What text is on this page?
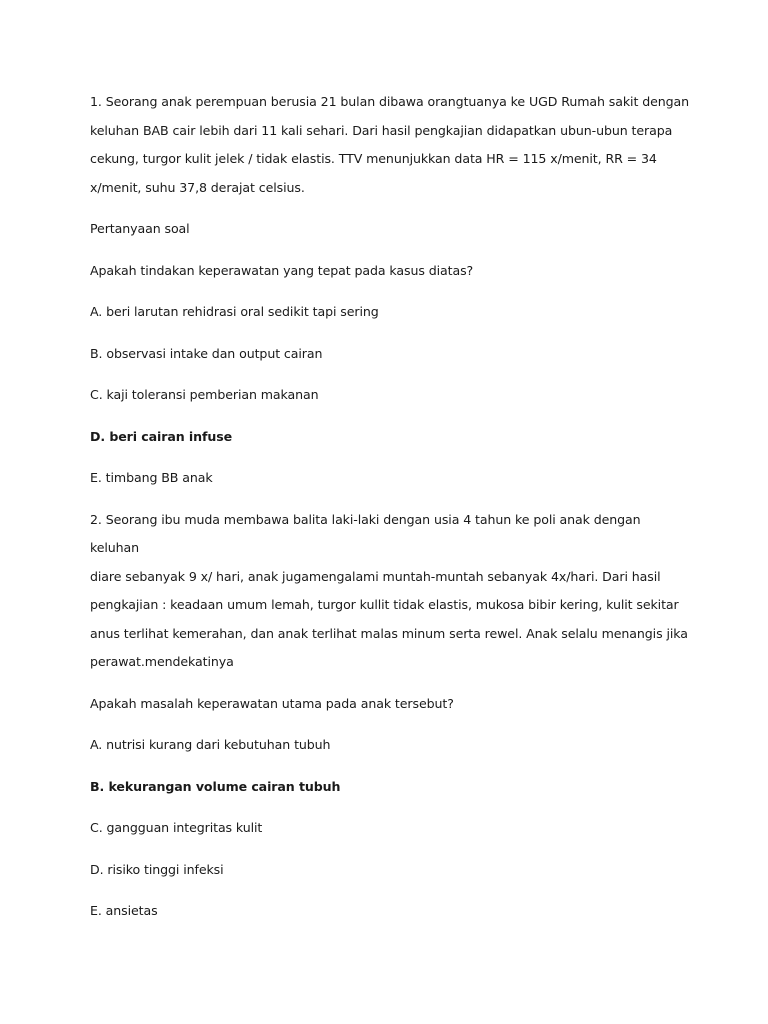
1. Seorang anak perempuan berusia 21 bulan dibawa orangtuanya ke UGD Rumah sakit dengan
keluhan BAB cair lebih dari 11 kali sehari. Dari hasil pengkajian didapatkan ubun-ubun terapa
cekung, turgor kulit jelek / tidak elastis. TTV menunjukkan data HR = 115 x/menit, RR = 34
x/menit, suhu 37,8 derajat celsius.

Pertanyaan soal

Apakah tindakan keperawatan yang tepat pada kasus diatas?

A. beri larutan rehidrasi oral sedikit tapi sering

B. observasi intake dan output cairan

C. kaji toleransi pemberian makanan

D. beri cairan infuse

E. timbang BB anak

2. Seorang ibu muda membawa balita laki-laki dengan usia 4 tahun ke poli anak dengan keluhan
diare sebanyak 9 x/ hari, anak jugamengalami muntah-muntah sebanyak 4x/hari. Dari hasil
pengkajian : keadaan umum lemah, turgor kullit tidak elastis, mukosa bibir kering, kulit sekitar
anus terlihat kemerahan, dan anak terlihat malas minum serta rewel. Anak selalu menangis jika
perawat.mendekatinya

Apakah masalah keperawatan utama pada anak tersebut?

A. nutrisi kurang dari kebutuhan tubuh

B. kekurangan volume cairan tubuh

C. gangguan integritas kulit

D. risiko tinggi infeksi

E. ansietas
